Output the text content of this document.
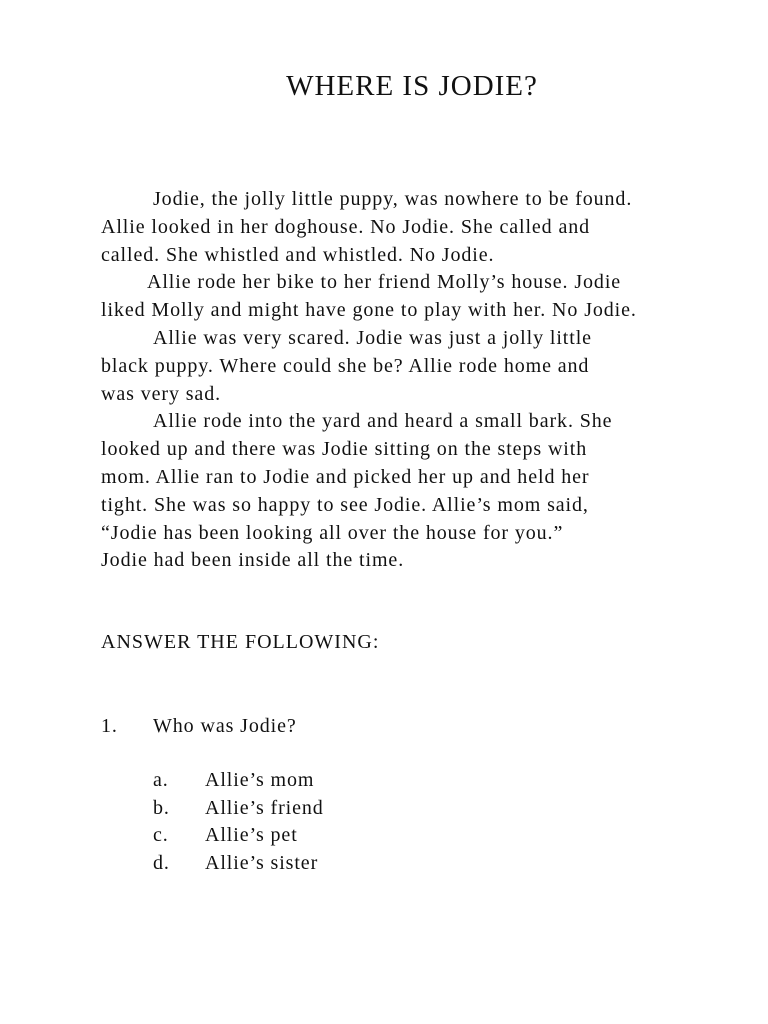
WHERE IS JODIE?
Jodie, the jolly little puppy, was nowhere to be found.
Allie looked in her doghouse. No Jodie. She called and
called. She whistled and whistled. No Jodie.
Allie rode her bike to her friend Molly’s house. Jodie
liked Molly and might have gone to play with her. No Jodie.
Allie was very scared. Jodie was just a jolly little
black puppy. Where could she be? Allie rode home and
was very sad.
Allie rode into the yard and heard a small bark. She
looked up and there was Jodie sitting on the steps with
mom. Allie ran to Jodie and picked her up and held her
tight. She was so happy to see Jodie. Allie’s mom said,
“Jodie has been looking all over the house for you.”
Jodie had been inside all the time.
ANSWER THE FOLLOWING:
1. Who was Jodie?
a. Allie’s mom
b. Allie’s friend
c. Allie’s pet
d. Allie’s sister
